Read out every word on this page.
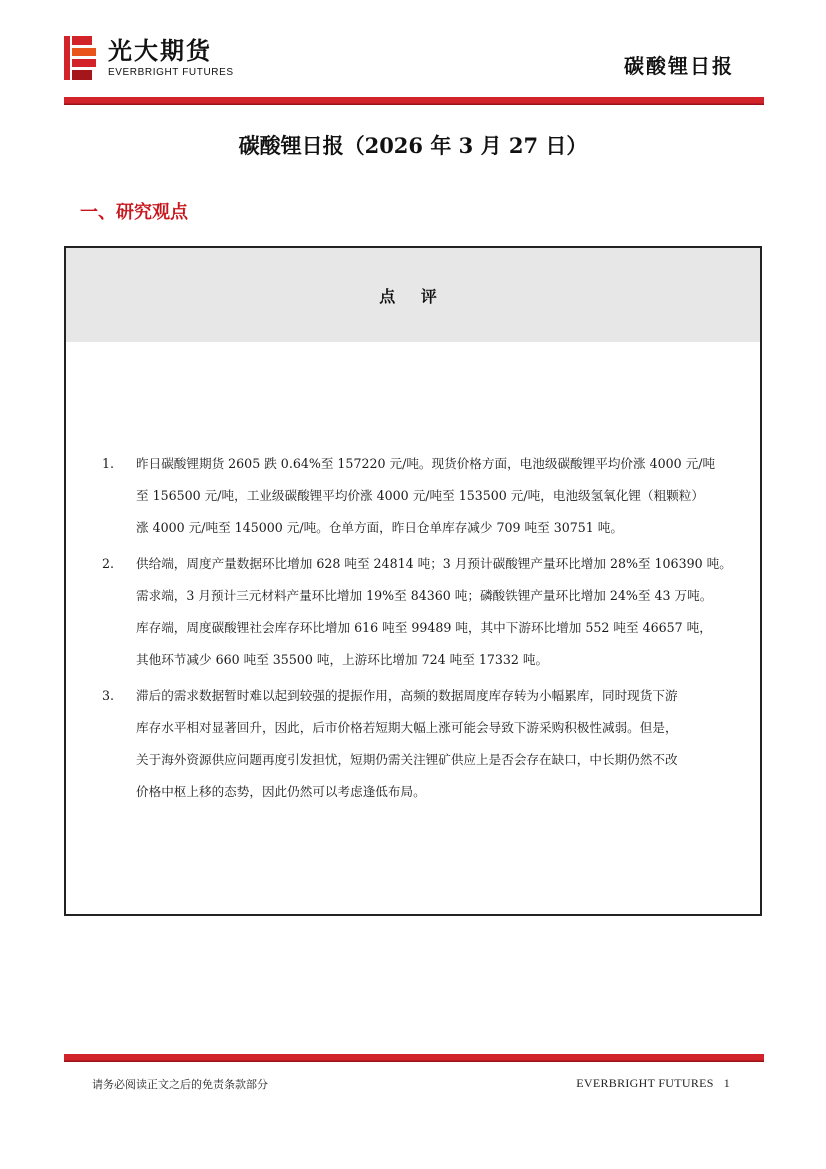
光大期货
EVERBRIGHT FUTURES	碳酸锂日报
碳酸锂日报（2026 年 3 月 27 日）
一、研究观点
点 评
1. 昨日碳酸锂期货 2605 跌 0.64%至 157220 元/吨。现货价格方面，电池级碳酸锂平均价涨 4000 元/吨
至 156500 元/吨，工业级碳酸锂平均价涨 4000 元/吨至 153500 元/吨，电池级氢氧化锂（粗颗粒）
涨 4000 元/吨至 145000 元/吨。仓单方面，昨日仓单库存减少 709 吨至 30751 吨。
2. 供给端，周度产量数据环比增加 628 吨至 24814 吨；3 月预计碳酸锂产量环比增加 28%至 106390 吨。
需求端，3 月预计三元材料产量环比增加 19%至 84360 吨；磷酸铁锂产量环比增加 24%至 43 万吨。
库存端，周度碳酸锂社会库存环比增加 616 吨至 99489 吨，其中下游环比增加 552 吨至 46657 吨，
其他环节减少 660 吨至 35500 吨，上游环比增加 724 吨至 17332 吨。
3. 滞后的需求数据暂时难以起到较强的提振作用，高频的数据周度库存转为小幅累库，同时现货下游
库存水平相对显著回升，因此，后市价格若短期大幅上涨可能会导致下游采购积极性减弱。但是，
关于海外资源供应问题再度引发担忧，短期仍需关注锂矿供应上是否会存在缺口，中长期仍然不改
价格中枢上移的态势，因此仍然可以考虑逢低布局。
请务必阅读正文之后的免责条款部分	EVERBRIGHT FUTURES 1
